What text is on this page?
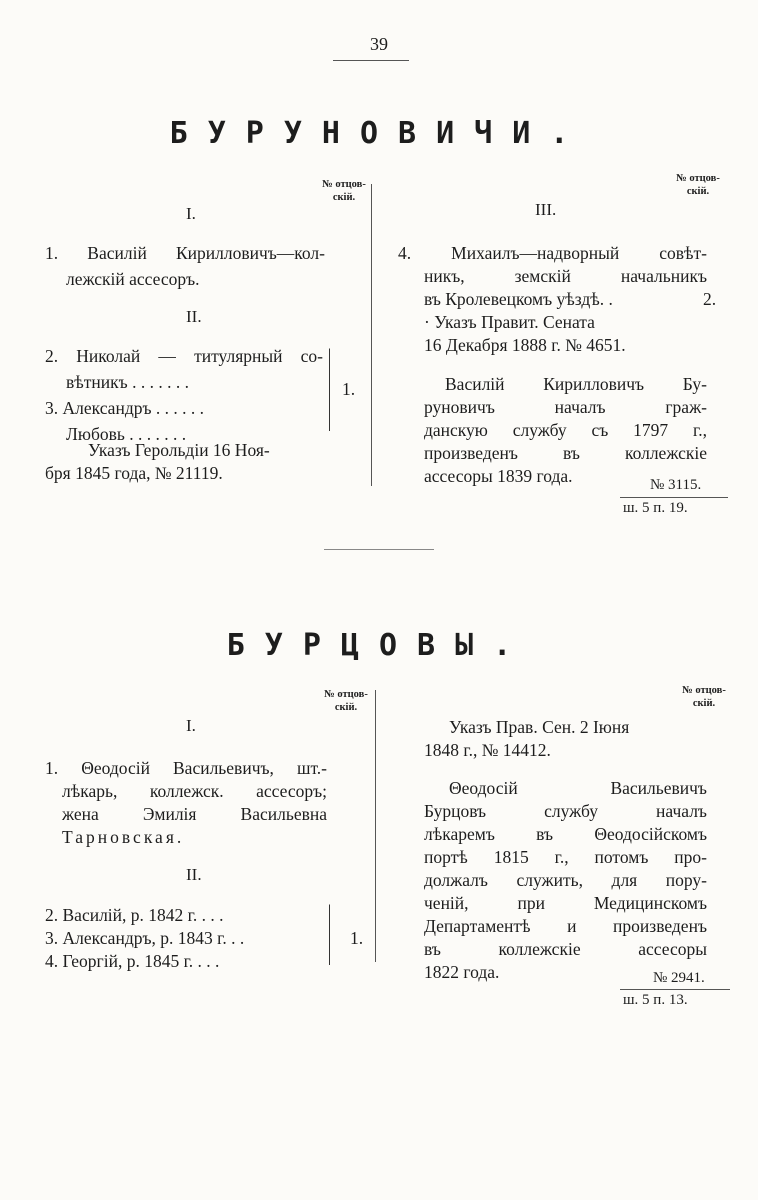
39
БУРУНОВИЧИ.
№ отцов-
скій.
№ отцов-
скій.
I.
1. Василій Кирилловичъ—кол-
лежскій ассесоръ.
II.
2. Николай — титулярный со-
вѣтникъ . . . . . . .
3. Александръ . . . . . .
Любовь . . . . . . .
1.
Указъ Герольдіи 16 Ноя-
бря 1845 года, № 21119.
III.
4. Михаилъ—надворный совѣт-
никъ, земскій начальникъ
въ Кролевецкомъ уѣздѣ. .	2.
· Указъ Правит. Сената
16 Декабря 1888 г. № 4651.
Василій Кирилловичъ Бу-
руновичъ началъ граж-
данскую службу съ 1797 г.,
произведенъ въ коллежскіе
ассесоры 1839 года.	№ 3115.
ш. 5 п. 19.
БУРЦОВЫ.
№ отцов-
скій.
№ отцов-
скій.
I.
1. Θеодосій Васильевичъ, шт.-
лѣкарь, коллежск. ассесоръ;
жена Эмилія Васильевна
Тарновская.
II.
2. Василій, р. 1842 г. . . .
3. Александръ, р. 1843 г. . .
4. Георгій, р. 1845 г. . . .
1.
Указъ Прав. Сен. 2 Іюня
1848 г., № 14412.
Θеодосій Васильевичъ
Бурцовъ службу началъ
лѣкаремъ въ Θеодосійскомъ
портѣ 1815 г., потомъ про-
должалъ служить, для пору-
ченій, при Медицинскомъ
Департаментѣ и произведенъ
въ коллежскіе ассесоры
1822 года.	№ 2941.
ш. 5 п. 13.
